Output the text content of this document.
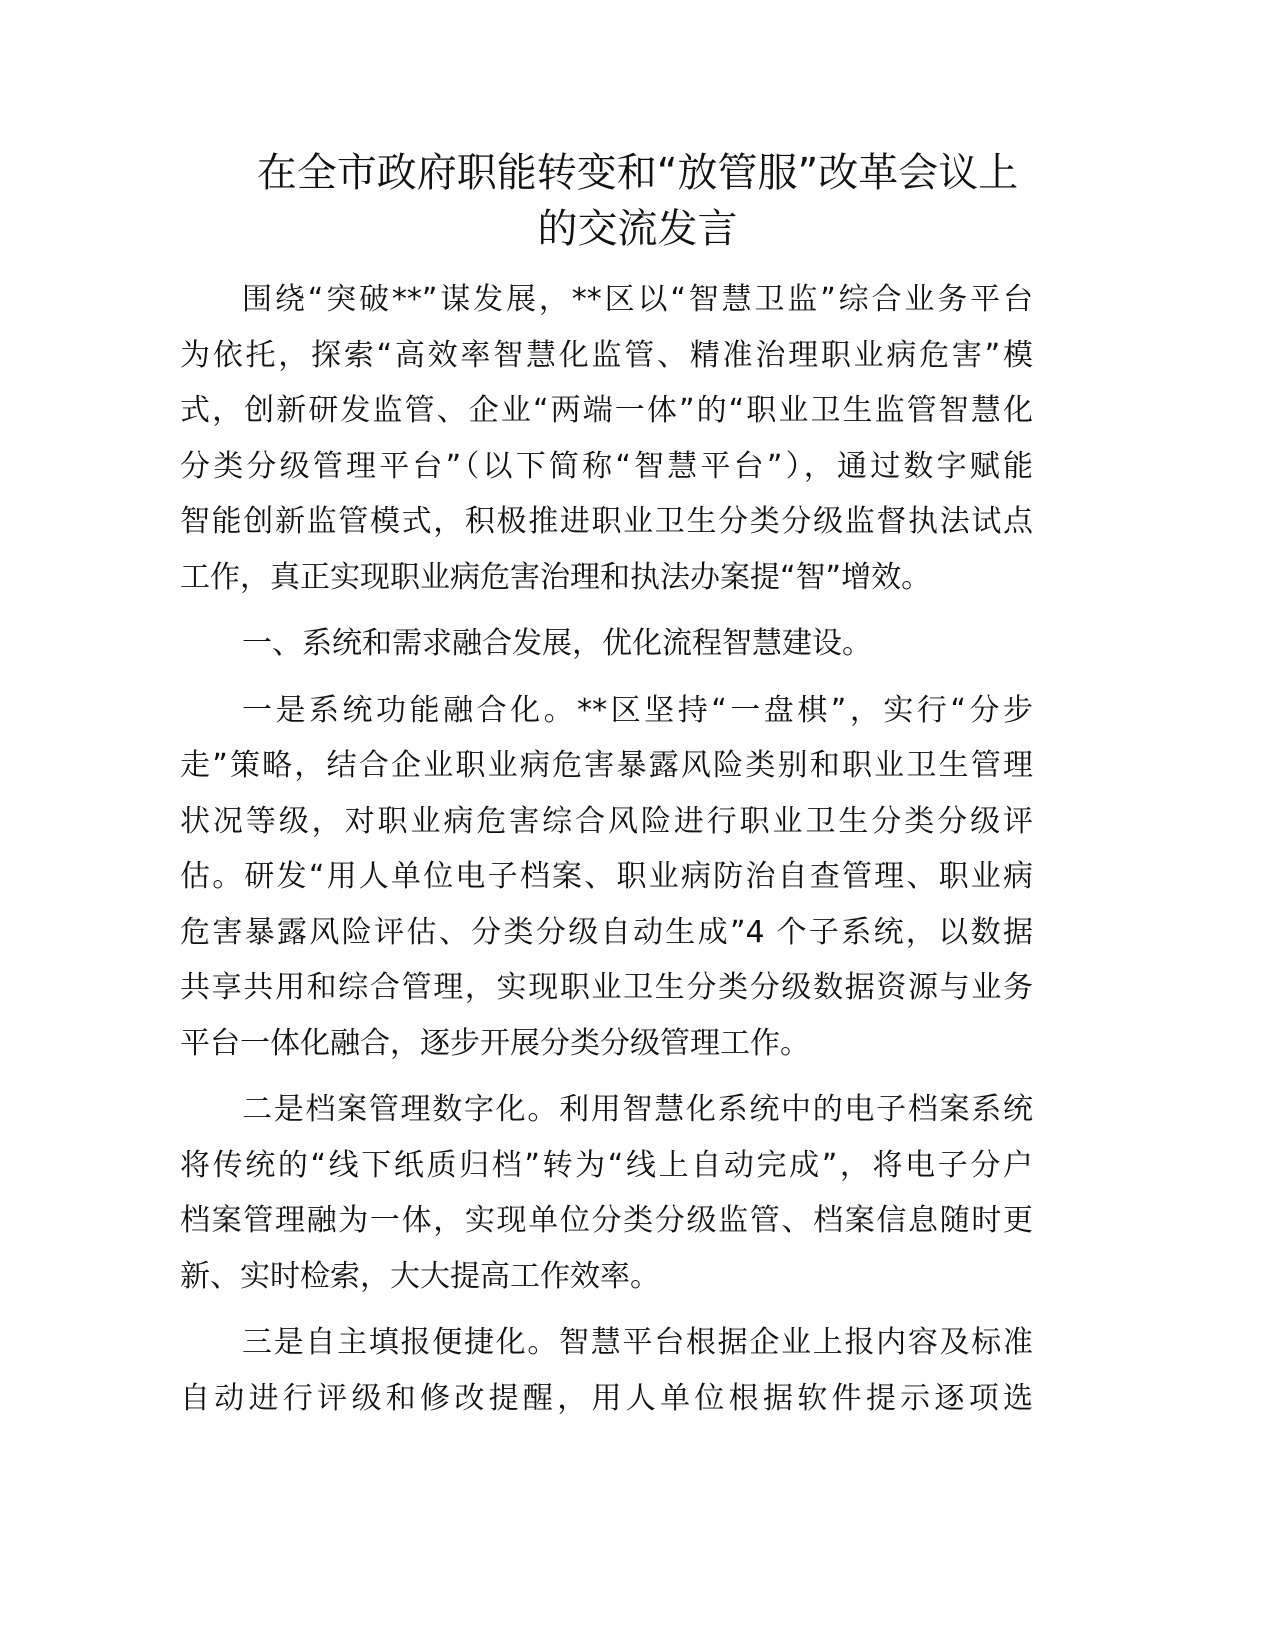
在全市政府职能转变和“放管服”改革会议上
的交流发言
围绕“突破**”谋发展，**区以“智慧卫监”综合业务平台
为依托，探索“高效率智慧化监管、精准治理职业病危害”模
式，创新研发监管、企业“两端一体”的“职业卫生监管智慧化
分类分级管理平台”（以下简称“智慧平台”），通过数字赋能
智能创新监管模式，积极推进职业卫生分类分级监督执法试点
工作，真正实现职业病危害治理和执法办案提“智”增效。
一、系统和需求融合发展，优化流程智慧建设。
一是系统功能融合化。**区坚持“一盘棋”，实行“分步
走”策略，结合企业职业病危害暴露风险类别和职业卫生管理
状况等级，对职业病危害综合风险进行职业卫生分类分级评
估。研发“用人单位电子档案、职业病防治自查管理、职业病
危害暴露风险评估、分类分级自动生成”4 个子系统，以数据
共享共用和综合管理，实现职业卫生分类分级数据资源与业务
平台一体化融合，逐步开展分类分级管理工作。
二是档案管理数字化。利用智慧化系统中的电子档案系统
将传统的“线下纸质归档”转为“线上自动完成”，将电子分户
档案管理融为一体，实现单位分类分级监管、档案信息随时更
新、实时检索，大大提高工作效率。
三是自主填报便捷化。智慧平台根据企业上报内容及标准
自动进行评级和修改提醒，用人单位根据软件提示逐项选
